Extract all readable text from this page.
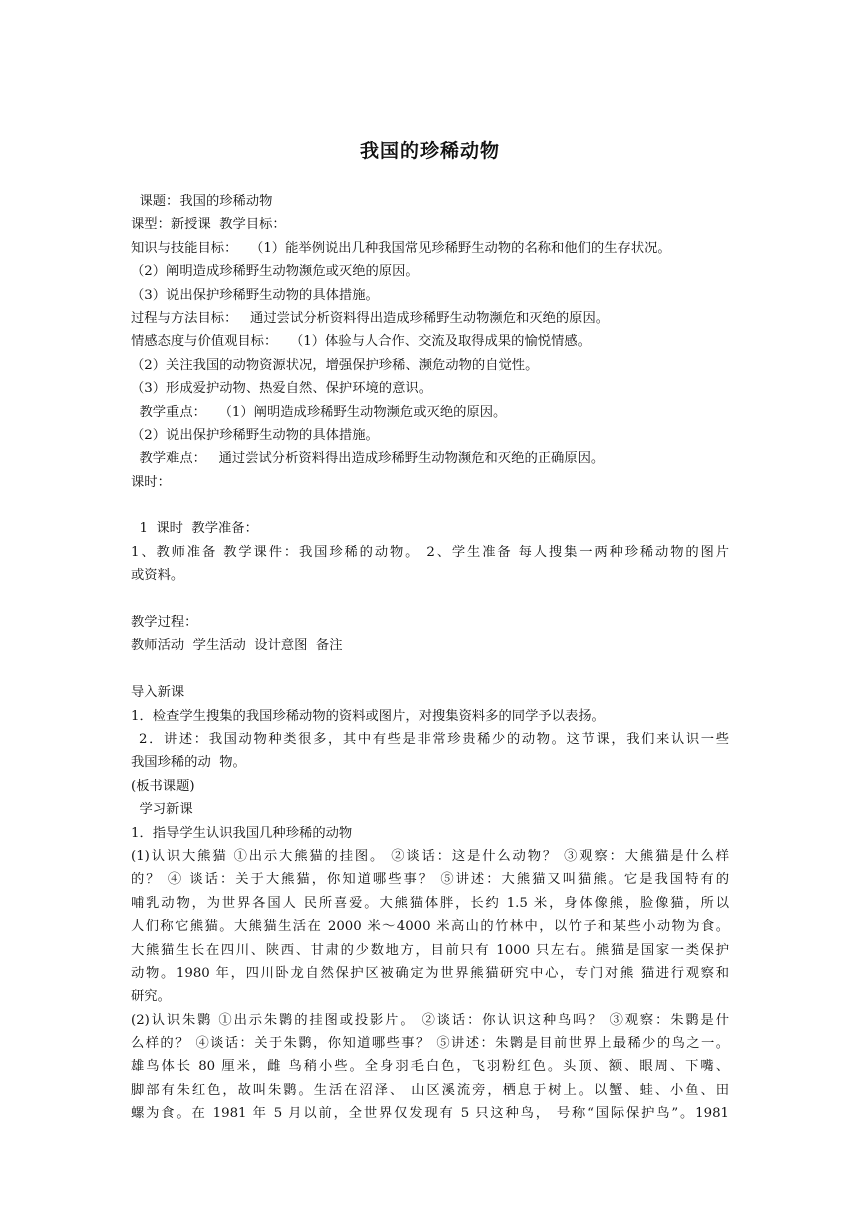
我国的珍稀动物
课题：我国的珍稀动物
课型：新授课  教学目标：
知识与技能目标：   （1）能举例说出几种我国常见珍稀野生动物的名称和他们的生存状况。
（2）阐明造成珍稀野生动物濒危或灭绝的原因。
（3）说出保护珍稀野生动物的具体措施。
过程与方法目标：   通过尝试分析资料得出造成珍稀野生动物濒危和灭绝的原因。
情感态度与价值观目标：   （1）体验与人合作、交流及取得成果的愉悦情感。
（2）关注我国的动物资源状况，增强保护珍稀、濒危动物的自觉性。
（3）形成爱护动物、热爱自然、保护环境的意识。
教学重点：   （1）阐明造成珍稀野生动物濒危或灭绝的原因。
（2）说出保护珍稀野生动物的具体措施。
教学难点：   通过尝试分析资料得出造成珍稀野生动物濒危和灭绝的正确原因。
课时：
1  课时  教学准备：
1、教师准备 教学课件：我国珍稀的动物。 2、学生准备 每人搜集一两种珍稀动物的图片
或资料。
教学过程：
教师活动  学生活动  设计意图  备注
导入新课
1．检查学生搜集的我国珍稀动物的资料或图片，对搜集资料多的同学予以表扬。
2．讲述：我国动物种类很多，其中有些是非常珍贵稀少的动物。这节课，我们来认识一些
我国珍稀的动  物。
(板书课题)
学习新课
1．指导学生认识我国几种珍稀的动物
(1)认识大熊猫 ①出示大熊猫的挂图。 ②谈话：这是什么动物？ ③观察：大熊猫是什么样
的？ ④ 谈话：关于大熊猫，你知道哪些事？ ⑤讲述：大熊猫又叫猫熊。它是我国特有的
哺乳动物，为世界各国人 民所喜爱。大熊猫体胖，长约 1.5 米，身体像熊，脸像猫，所以
人们称它熊猫。大熊猫生活在 2000 米～4000 米高山的竹林中，以竹子和某些小动物为食。
大熊猫生长在四川、陕西、甘肃的少数地方，目前只有 1000 只左右。熊猫是国家一类保护
动物。1980 年，四川卧龙自然保护区被确定为世界熊猫研究中心，专门对熊 猫进行观察和
研究。
(2)认识朱鹮 ①出示朱鹮的挂图或投影片。 ②谈话：你认识这种鸟吗？ ③观察：朱鹮是什
么样的？ ④谈话：关于朱鹮，你知道哪些事？ ⑤讲述：朱鹮是目前世界上最稀少的鸟之一。
雄鸟体长 80 厘米，雌 鸟稍小些。全身羽毛白色，飞羽粉红色。头顶、额、眼周、下嘴、
脚部有朱红色，故叫朱鹮。生活在沼泽、 山区溪流旁，栖息于树上。以蟹、蛙、小鱼、田
螺为食。在 1981 年 5 月以前，全世界仅发现有 5 只这种鸟， 号称“国际保护鸟”。1981
